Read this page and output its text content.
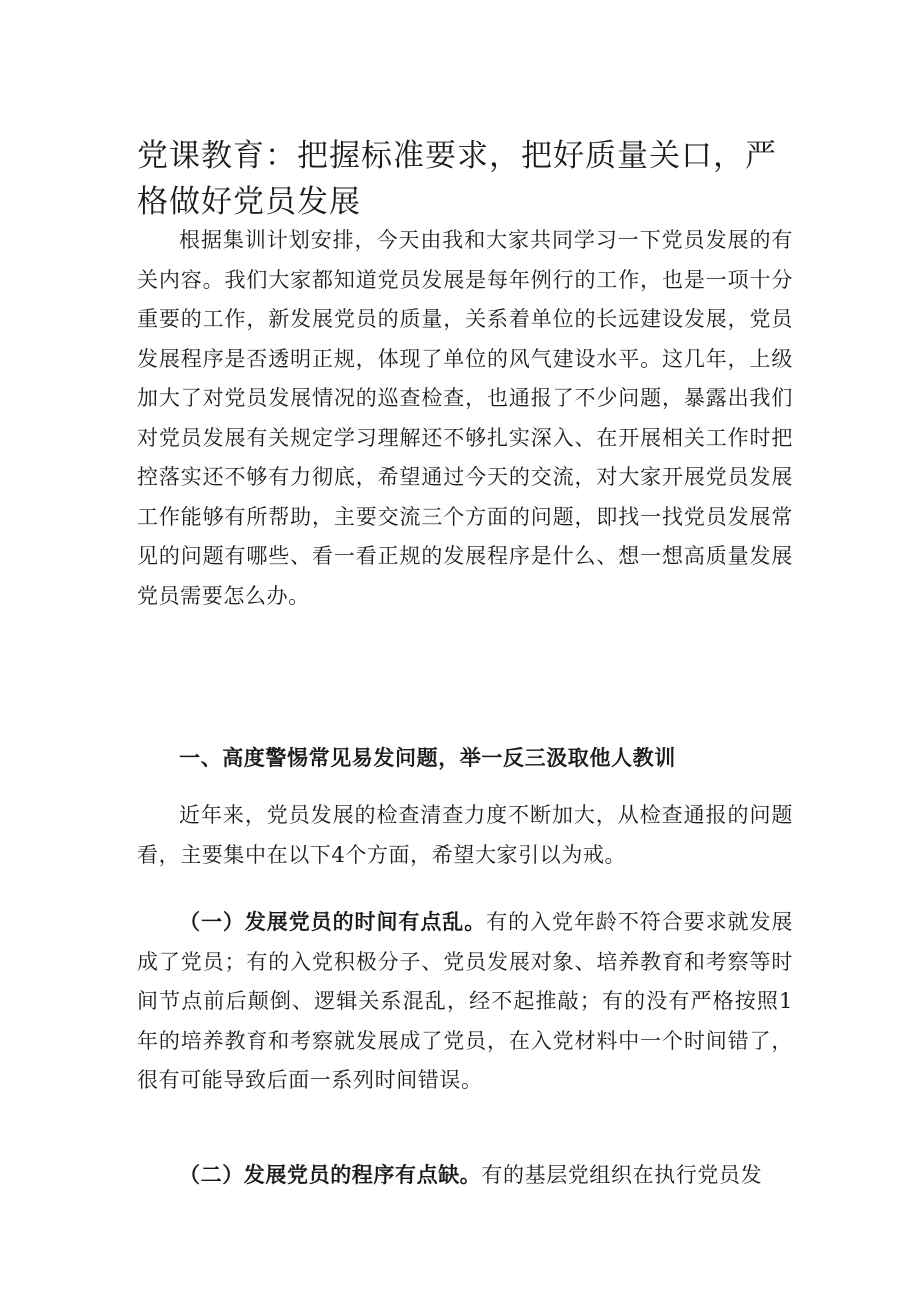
党课教育：把握标准要求，把好质量关口，严格做好党员发展

根据集训计划安排，今天由我和大家共同学习一下党员发展的有关内容。我们大家都知道党员发展是每年例行的工作，也是一项十分重要的工作，新发展党员的质量，关系着单位的长远建设发展，党员发展程序是否透明正规，体现了单位的风气建设水平。这几年，上级加大了对党员发展情况的巡查检查，也通报了不少问题，暴露出我们对党员发展有关规定学习理解还不够扎实深入、在开展相关工作时把控落实还不够有力彻底，希望通过今天的交流，对大家开展党员发展工作能够有所帮助，主要交流三个方面的问题，即找一找党员发展常见的问题有哪些、看一看正规的发展程序是什么、想一想高质量发展党员需要怎么办。

一、高度警惕常见易发问题，举一反三汲取他人教训

近年来，党员发展的检查清查力度不断加大，从检查通报的问题看，主要集中在以下4个方面，希望大家引以为戒。

（一）发展党员的时间有点乱。有的入党年龄不符合要求就发展成了党员；有的入党积极分子、党员发展对象、培养教育和考察等时间节点前后颠倒、逻辑关系混乱，经不起推敲；有的没有严格按照1年的培养教育和考察就发展成了党员，在入党材料中一个时间错了，很有可能导致后面一系列时间错误。

（二）发展党员的程序有点缺。有的基层党组织在执行党员发
